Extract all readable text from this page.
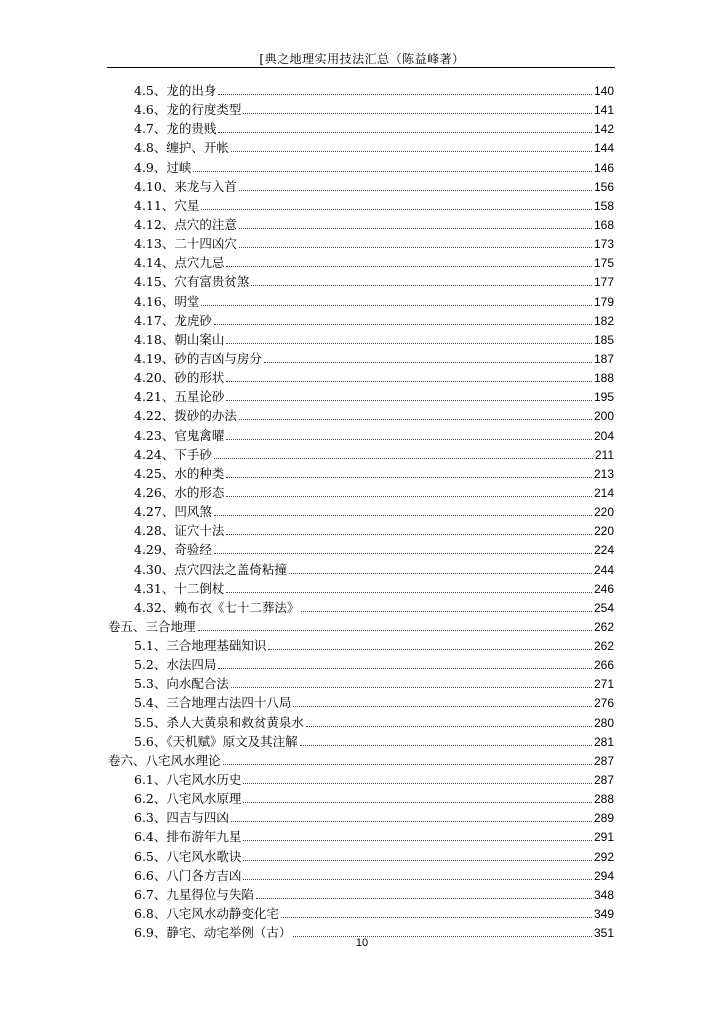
[典之地理实用技法汇总（陈益峰著）
4.5、龙的出身	140
4.6、龙的行度类型	141
4.7、龙的贵贱	142
4.8、缠护、开帐	144
4.9、过峡	146
4.10、来龙与入首	156
4.11、穴星	158
4.12、点穴的注意	168
4.13、二十四凶穴	173
4.14、点穴九忌	175
4.15、穴有富贵贫煞	177
4.16、明堂	179
4.17、龙虎砂	182
4.18、朝山案山	185
4.19、砂的吉凶与房分	187
4.20、砂的形状	188
4.21、五星论砂	195
4.22、拨砂的办法	200
4.23、官鬼禽曜	204
4.24、下手砂	211
4.25、水的种类	213
4.26、水的形态	214
4.27、凹风煞	220
4.28、证穴十法	220
4.29、奇验经	224
4.30、点穴四法之盖倚粘撞	244
4.31、十二倒杖	246
4.32、赖布衣《七十二葬法》	254
卷五、三合地理	262
5.1、三合地理基础知识	262
5.2、水法四局	266
5.3、向水配合法	271
5.4、三合地理古法四十八局	276
5.5、杀人大黄泉和救贫黄泉水	280
5.6、《天机赋》原文及其注解	281
卷六、八宅风水理论	287
6.1、八宅风水历史	287
6.2、八宅风水原理	288
6.3、四吉与四凶	289
6.4、排布游年九星	291
6.5、八宅风水歌诀	292
6.6、八门各方吉凶	294
6.7、九星得位与失陷	348
6.8、八宅风水动静变化宅	349
6.9、静宅、动宅举例（古）	351
10
